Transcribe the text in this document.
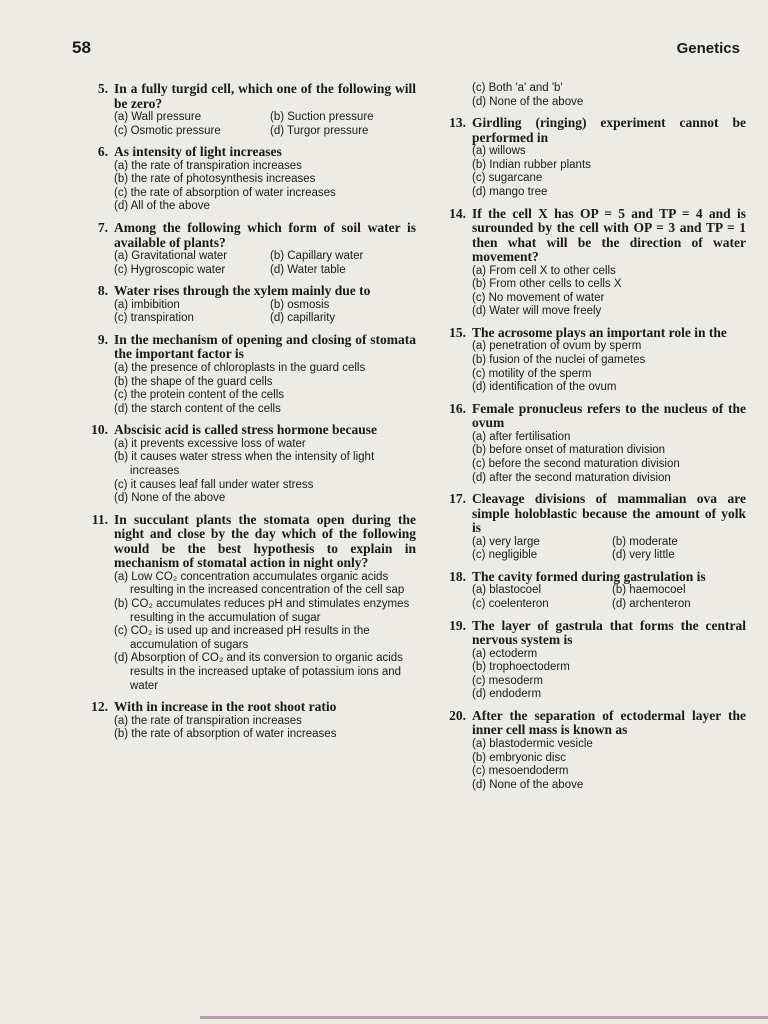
58	Genetics
5. In a fully turgid cell, which one of the following will be zero?
(a) Wall pressure	(b) Suction pressure
(c) Osmotic pressure	(d) Turgor pressure
6. As intensity of light increases
(a) the rate of transpiration increases
(b) the rate of photosynthesis increases
(c) the rate of absorption of water increases
(d) All of the above
7. Among the following which form of soil water is available of plants?
(a) Gravitational water	(b) Capillary water
(c) Hygroscopic water	(d) Water table
8. Water rises through the xylem mainly due to
(a) imbibition	(b) osmosis
(c) transpiration	(d) capillarity
9. In the mechanism of opening and closing of stomata the important factor is
(a) the presence of chloroplasts in the guard cells
(b) the shape of the guard cells
(c) the protein content of the cells
(d) the starch content of the cells
10. Abscisic acid is called stress hormone because
(a) it prevents excessive loss of water
(b) it causes water stress when the intensity of light increases
(c) it causes leaf fall under water stress
(d) None of the above
11. In succulant plants the stomata open during the night and close by the day which of the following would be the best hypothesis to explain in mechanism of stomatal action in night only?
(a) Low CO₂ concentration accumulates organic acids resulting in the increased concentration of the cell sap
(b) CO₂ accumulates reduces pH and stimulates enzymes resulting in the accumulation of sugar
(c) CO₂ is used up and increased pH results in the accumulation of sugars
(d) Absorption of CO₂ and its conversion to organic acids results in the increased uptake of potassium ions and water
12. With in increase in the root shoot ratio
(a) the rate of transpiration increases
(b) the rate of absorption of water increases
(c) Both 'a' and 'b'
(d) None of the above
13. Girdling (ringing) experiment cannot be performed in
(a) willows
(b) Indian rubber plants
(c) sugarcane
(d) mango tree
14. If the cell X has OP = 5 and TP = 4 and is surounded by the cell with OP = 3 and TP = 1 then what will be the direction of water movement?
(a) From cell X to other cells
(b) From other cells to cells X
(c) No movement of water
(d) Water will move freely
15. The acrosome plays an important role in the
(a) penetration of ovum by sperm
(b) fusion of the nuclei of gametes
(c) motility of the sperm
(d) identification of the ovum
16. Female pronucleus refers to the nucleus of the ovum
(a) after fertilisation
(b) before onset of maturation division
(c) before the second maturation division
(d) after the second maturation division
17. Cleavage divisions of mammalian ova are simple holoblastic because the amount of yolk is
(a) very large	(b) moderate
(c) negligible	(d) very little
18. The cavity formed during gastrulation is
(a) blastocoel	(b) haemocoel
(c) coelenteron	(d) archenteron
19. The layer of gastrula that forms the central nervous system is
(a) ectoderm
(b) trophoectoderm
(c) mesoderm
(d) endoderm
20. After the separation of ectodermal layer the inner cell mass is known as
(a) blastodermic vesicle
(b) embryonic disc
(c) mesoendoderm
(d) None of the above
